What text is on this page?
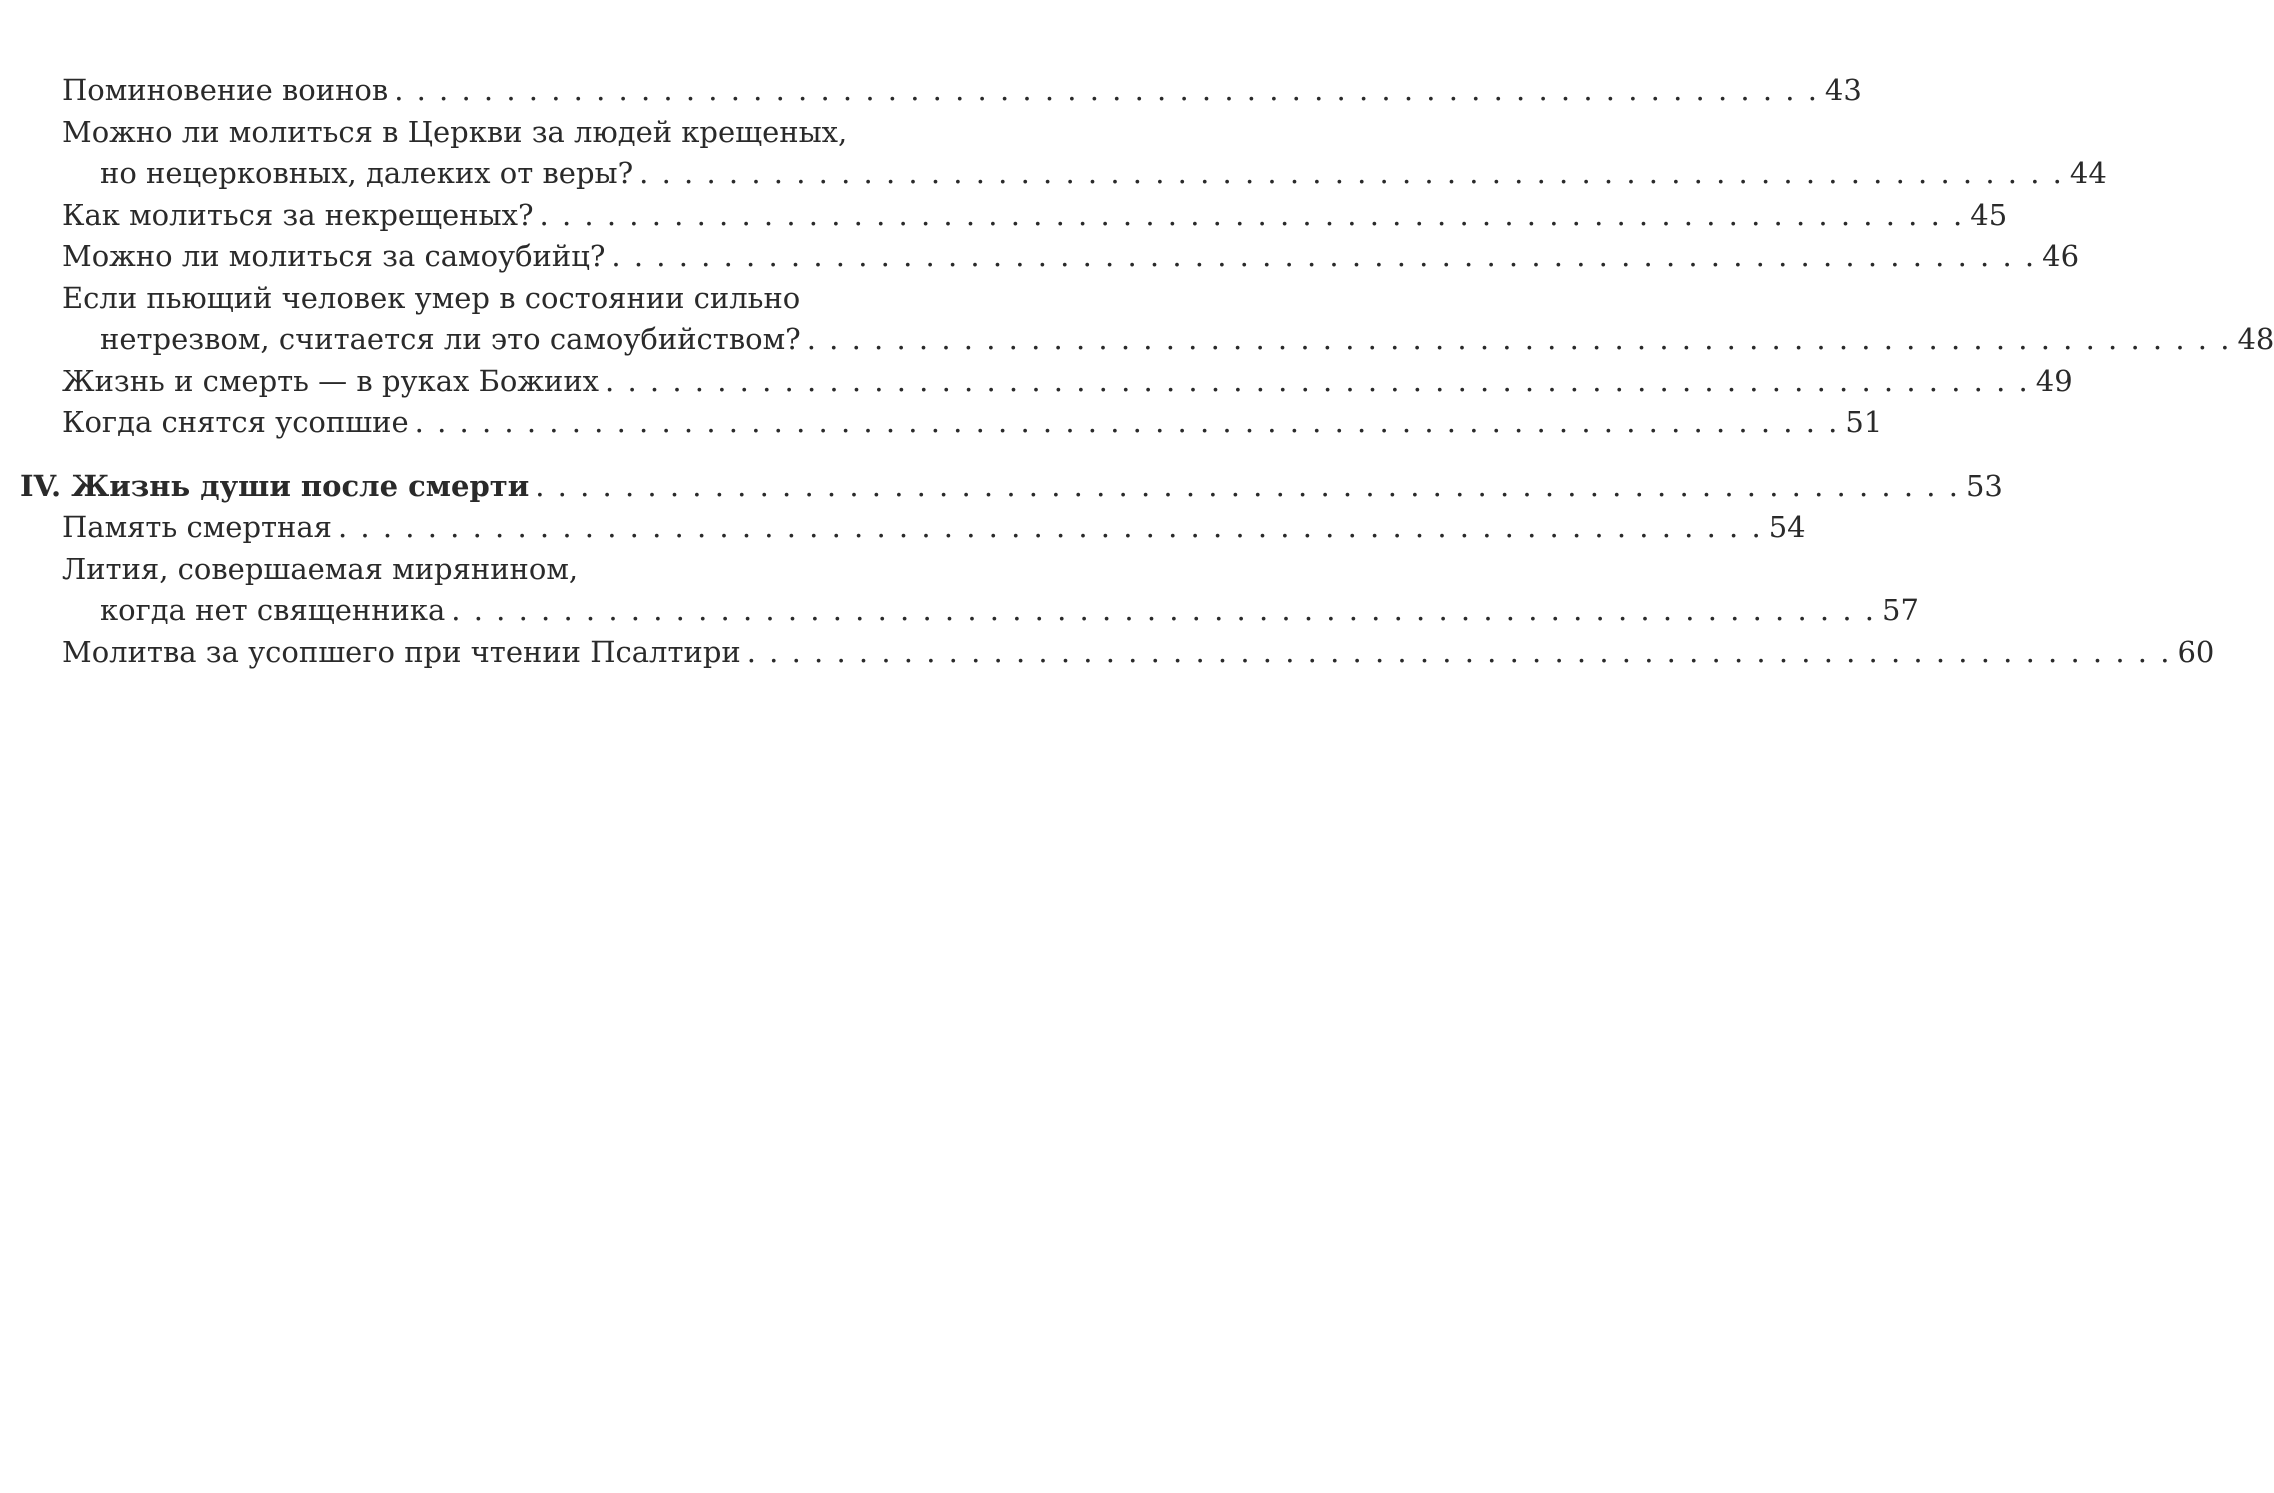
Поминовение воинов . . .	43
Можно ли молиться в Церкви за людей крещеных,
но нецерковных, далеких от веры? . . .	44
Как молиться за некрещеных? . . .	45
Можно ли молиться за самоубийц? . . .	46
Если пьющий человек умер в состоянии сильно
нетрезвом, считается ли это самоубийством? . . .	48
Жизнь и смерть — в руках Божиих . . .	49
Когда снятся усопшие . . .	51
IV. Жизнь души после смерти . . .	53
Память смертная . . .	54
Лития, совершаемая мирянином,
когда нет священника . . .	57
Молитва за усопшего при чтении Псалтири . . .	60
